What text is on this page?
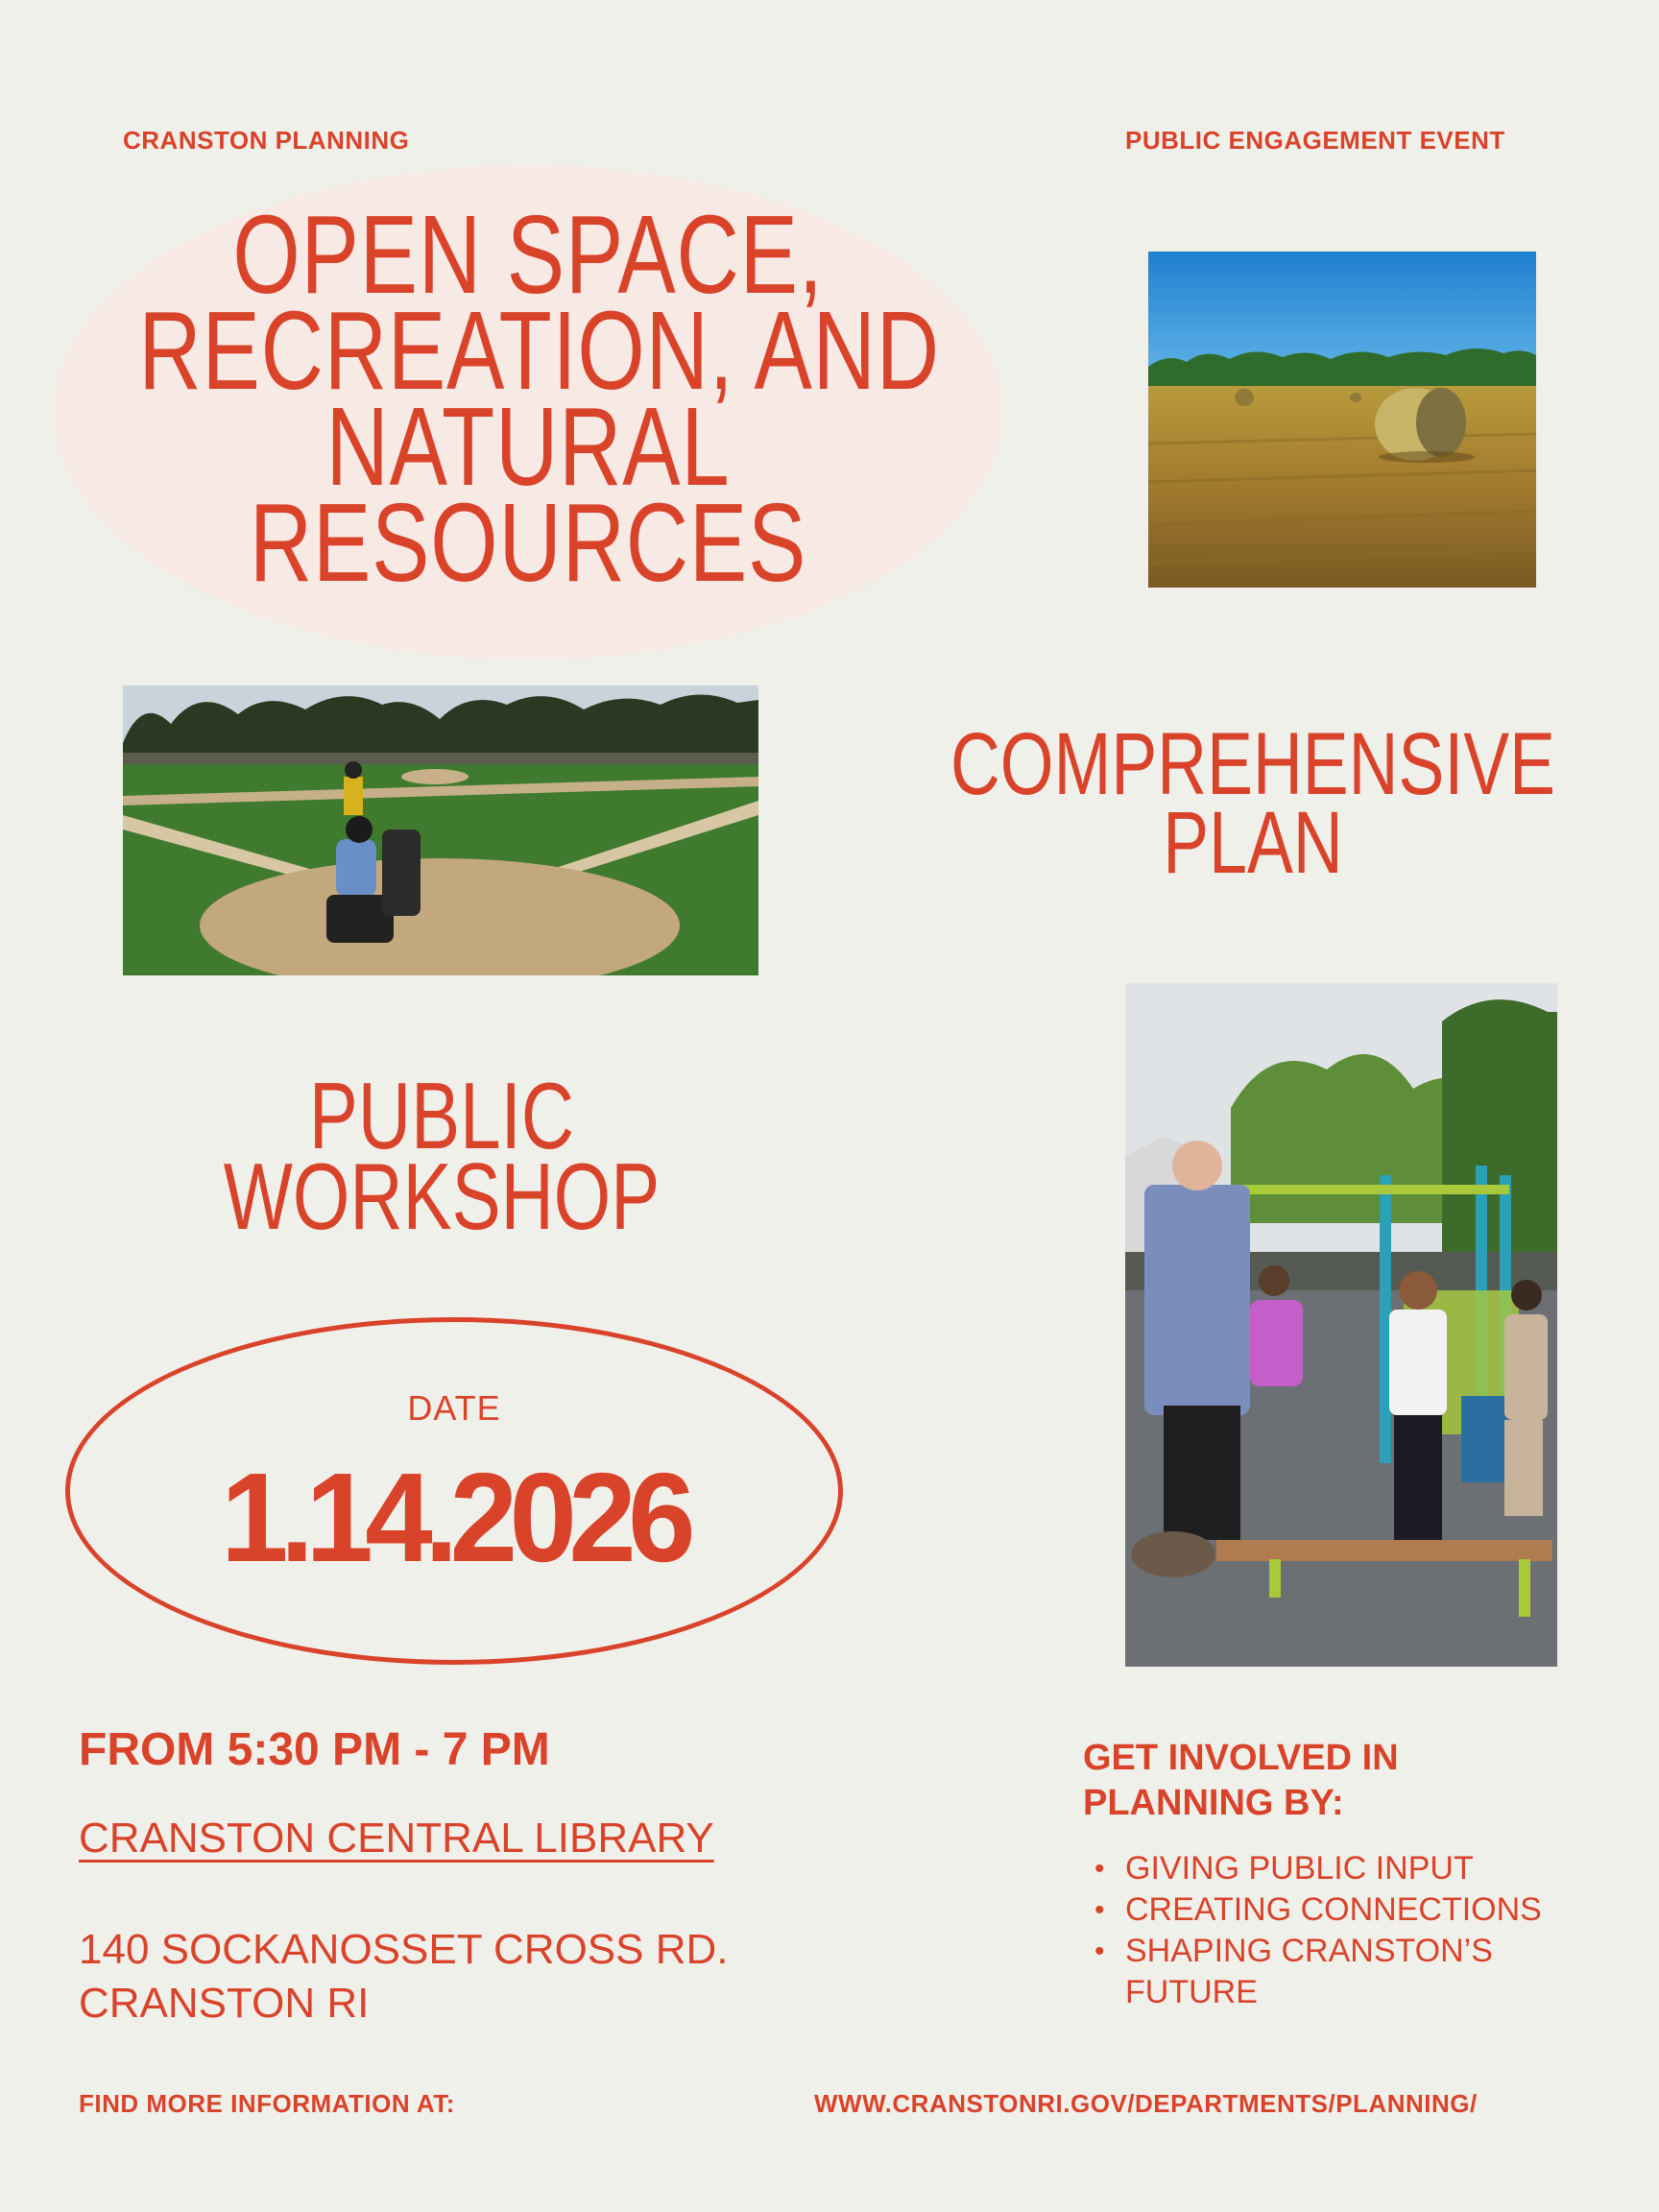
CRANSTON PLANNING	PUBLIC ENGAGEMENT EVENT
OPEN SPACE,
RECREATION, AND
NATURAL
RESOURCES
COMPREHENSIVE
PLAN
PUBLIC
WORKSHOP
DATE
1.14.2026
FROM 5:30 PM - 7 PM
CRANSTON CENTRAL LIBRARY
140 SOCKANOSSET CROSS RD.
CRANSTON RI
GET INVOLVED IN
PLANNING BY:
• GIVING PUBLIC INPUT
• CREATING CONNECTIONS
• SHAPING CRANSTON’S FUTURE
FIND MORE INFORMATION AT:	WWW.CRANSTONRI.GOV/DEPARTMENTS/PLANNING/
